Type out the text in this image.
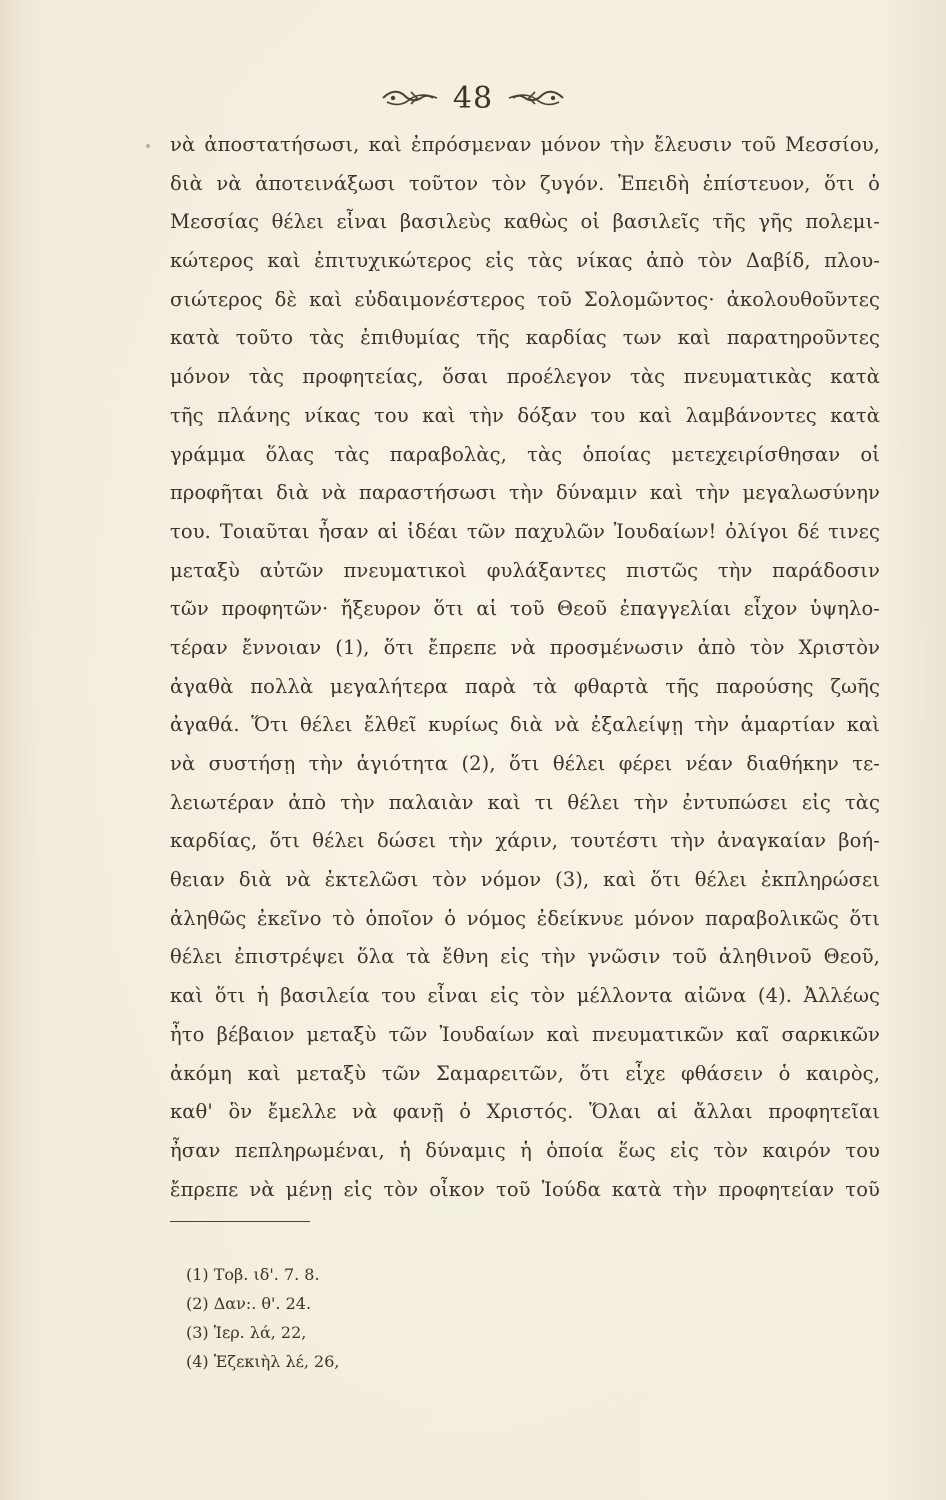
48
νὰ ἀποστατήσωσι, καὶ ἐπρόσμεναν μόνον τὴν ἔλευσιν τοῦ Μεσσίου,
διὰ νὰ ἀποτεινάξωσι τοῦτον τὸν ζυγόν. Ἐπειδὴ ἐπίστευον, ὅτι ὁ
Μεσσίας θέλει εἶναι βασιλεὺς καθὼς οἱ βασιλεῖς τῆς γῆς πολεμι-
κώτερος καὶ ἐπιτυχικώτερος εἰς τὰς νίκας ἀπὸ τὸν Δαβίδ, πλου-
σιώτερος δὲ καὶ εὐδαιμονέστερος τοῦ Σολομῶντος· ἀκολουθοῦντες
κατὰ τοῦτο τὰς ἐπιθυμίας τῆς καρδίας των καὶ παρατηροῦντες
μόνον τὰς προφητείας, ὅσαι προέλεγον τὰς πνευματικὰς κατὰ
τῆς πλάνης νίκας του καὶ τὴν δόξαν του καὶ λαμβάνοντες κατὰ
γράμμα ὅλας τὰς παραβολὰς, τὰς ὁποίας μετεχειρίσθησαν οἱ
προφῆται διὰ νὰ παραστήσωσι τὴν δύναμιν καὶ τὴν μεγαλωσύνην
του. Τοιαῦται ἦσαν αἱ ἰδέαι τῶν παχυλῶν Ἰουδαίων! ὀλίγοι δέ τινες
μεταξὺ αὐτῶν πνευματικοὶ φυλάξαντες πιστῶς τὴν παράδοσιν
τῶν προφητῶν· ἤξευρον ὅτι αἱ τοῦ Θεοῦ ἐπαγγελίαι εἶχον ὑψηλο-
τέραν ἔννοιαν (1), ὅτι ἔπρεπε νὰ προσμένωσιν ἀπὸ τὸν Χριστὸν
ἀγαθὰ πολλὰ μεγαλήτερα παρὰ τὰ φθαρτὰ τῆς παρούσης ζωῆς
ἀγαθά. Ὅτι θέλει ἔλθεῖ κυρίως διὰ νὰ ἐξαλείψῃ τὴν ἁμαρτίαν καὶ
νὰ συστήσῃ τὴν ἁγιότητα (2), ὅτι θέλει φέρει νέαν διαθήκην τε-
λειωτέραν ἀπὸ τὴν παλαιὰν καὶ τι θέλει τὴν ἐντυπώσει εἰς τὰς
καρδίας, ὅτι θέλει δώσει τὴν χάριν, τουτέστι τὴν ἀναγκαίαν βοή-
θειαν διὰ νὰ ἐκτελῶσι τὸν νόμον (3), καὶ ὅτι θέλει ἐκπληρώσει
ἀληθῶς ἐκεῖνο τὸ ὁποῖον ὁ νόμος ἐδείκνυε μόνον παραβολικῶς ὅτι
θέλει ἐπιστρέψει ὅλα τὰ ἔθνη εἰς τὴν γνῶσιν τοῦ ἀληθινοῦ Θεοῦ,
καὶ ὅτι ἡ βασιλεία του εἶναι εἰς τὸν μέλλοντα αἰῶνα (4). Ἀλλέως
ἦτο βέβαιον μεταξὺ τῶν Ἰουδαίων καὶ πνευματικῶν καῖ σαρκικῶν
ἀκόμη καὶ μεταξὺ τῶν Σαμαρειτῶν, ὅτι εἶχε φθάσειν ὁ καιρὸς,
καθ' ὃν ἔμελλε νὰ φανῇ ὁ Χριστός. Ὅλαι αἱ ἄλλαι προφητεῖαι
ἦσαν πεπληρωμέναι, ἡ δύναμις ἡ ὁποία ἕως εἰς τὸν καιρόν του
ἔπρεπε νὰ μένῃ εἰς τὸν οἶκον τοῦ Ἰούδα κατὰ τὴν προφητείαν τοῦ
(1) Τοβ. ιδ'. 7. 8.
(2) Δαν:. θ'. 24.
(3) Ἱερ. λά, 22,
(4) Ἐζεκιὴλ λέ, 26,
